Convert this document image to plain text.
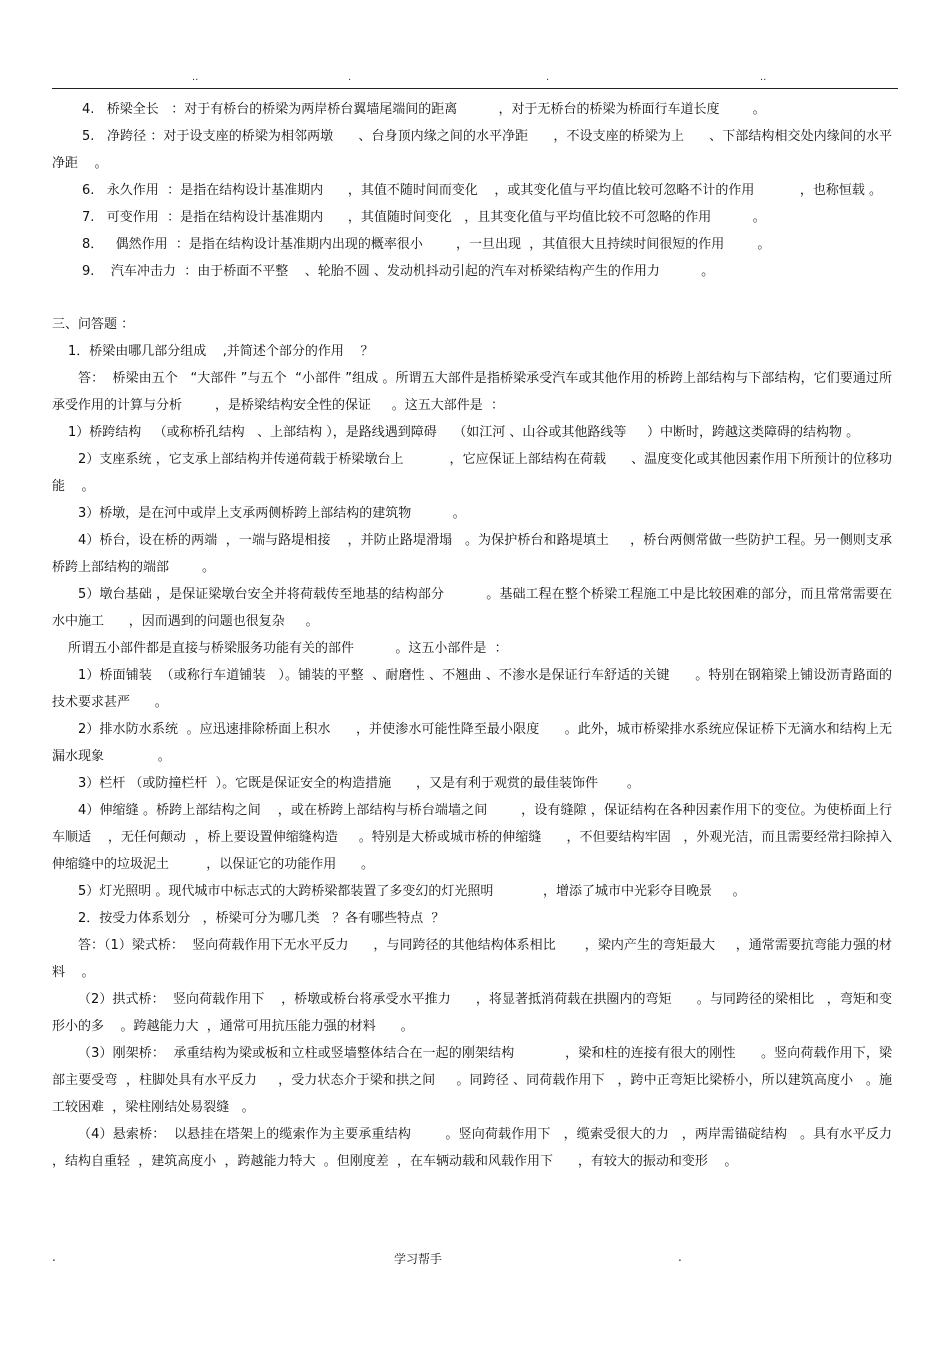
..	.	.	..

4.   桥梁全长   ：对于有桥台的桥梁为两岸桥台翼墙尾端间的距离          ，对于无桥台的桥梁为桥面行车道长度        。

5.   净跨径 ：对于设支座的桥梁为相邻两墩      、台身顶内缘之间的水平净距      ，不设支座的桥梁为上      、下部结构相交处内缘间的水平净距    。

6.   永久作用  ：是指在结构设计基准期内      ，其值不随时间而变化    ，或其变化值与平均值比较可忽略不计的作用           ，也称恒载 。

7.   可变作用  ：是指在结构设计基准期内      ，其值随时间变化   ，且其变化值与平均值比较不可忽略的作用          。

8．   偶然作用  ：是指在结构设计基准期内出现的概率很小        ，一旦出现  ，其值很大且持续时间很短的作用        。

9.    汽车冲击力  ：由于桥面不平整    、轮胎不圆 、发动机抖动引起的汽车对桥梁结构产生的作用力          。

三、问答题 ：

1．桥梁由哪几部分组成    ,并简述个部分的作用    ？

答：  桥梁由五个   “大部件 ”与五个  “小部件 ”组成 。所谓五大部件是指桥梁承受汽车或其他作用的桥跨上部结构与下部结构，它们要通过所承受作用的计算与分析        ，是桥梁结构安全性的保证     。这五大部件是  ：

1）桥跨结构   （或称桥孔结构   、上部结构 ），是路线遇到障碍    （如江河 、山谷或其他路线等     ）中断时，跨越这类障碍的结构物 。

2）支座系统 ，它支承上部结构并传递荷载于桥梁墩台上           ，它应保证上部结构在荷载      、温度变化或其他因素作用下所预计的位移功能    。

3）桥墩，是在河中或岸上支承两侧桥跨上部结构的建筑物          。

4）桥台，设在桥的两端  ，一端与路堤相接    ，并防止路堤滑塌   。为保护桥台和路堤填土     ，桥台两侧常做一些防护工程。另一侧则支承桥跨上部结构的端部        。

5）墩台基础 ，是保证梁墩台安全并将荷载传至地基的结构部分          。基础工程在整个桥梁工程施工中是比较困难的部分，而且常常需要在水中施工      ，因而遇到的问题也很复杂     。

所谓五小部件都是直接与桥梁服务功能有关的部件          。这五小部件是  ：

1）桥面铺装  （或称行车道铺装   ）。铺装的平整  、耐磨性 、不翘曲 、不渗水是保证行车舒适的关键      。特别在钢箱梁上铺设沥青路面的技术要求甚严      。

2）排水防水系统  。应迅速排除桥面上积水      ，并使渗水可能性降至最小限度      。此外，城市桥梁排水系统应保证桥下无滴水和结构上无漏水现象             。

3）栏杆 （或防撞栏杆  ）。它既是保证安全的构造措施      ，又是有利于观赏的最佳装饰件       。

4）伸缩缝 。桥跨上部结构之间    ，或在桥跨上部结构与桥台端墙之间        ，设有缝隙 ，保证结构在各种因素作用下的变位。为使桥面上行车顺适    ，无任何颠动  ，桥上要设置伸缩缝构造     。特别是大桥或城市桥的伸缩缝      ，不但要结构牢固   ，外观光洁，而且需要经常扫除掉入伸缩缝中的垃圾泥土         ，以保证它的功能作用      。

5）灯光照明 。现代城市中标志式的大跨桥梁都装置了多变幻的灯光照明            ，增添了城市中光彩夺目晚景     。

2．按受力体系划分   ，桥梁可分为哪几类   ？各有哪些特点  ？

答：（1）梁式桥：  竖向荷载作用下无水平反力      ，与同跨径的其他结构体系相比       ，梁内产生的弯矩最大     ，通常需要抗弯能力强的材料    。

（2）拱式桥：  竖向荷载作用下    ，桥墩或桥台将承受水平推力      ，将显著抵消荷载在拱圈内的弯矩      。与同跨径的梁相比   ，弯矩和变形小的多    。跨越能力大  ，通常可用抗压能力强的材料      。

（3）刚架桥：  承重结构为梁或板和立柱或竖墙整体结合在一起的刚架结构            ，梁和柱的连接有很大的刚性      。竖向荷载作用下，梁部主要受弯  ，柱脚处具有水平反力     ，受力状态介于梁和拱之间     。同跨径 、同荷载作用下   ，跨中正弯矩比梁桥小，所以建筑高度小   。施工较困难  ，梁柱刚结处易裂缝   。

（4）悬索桥：  以悬挂在塔架上的缆索作为主要承重结构        。竖向荷载作用下   ，缆索受很大的力   ，两岸需锚碇结构   。具有水平反力  ，结构自重轻  ，建筑高度小  ，跨越能力特大  。但刚度差  ，在车辆动载和风载作用下      ，有较大的振动和变形    。

.	学习帮手	.
